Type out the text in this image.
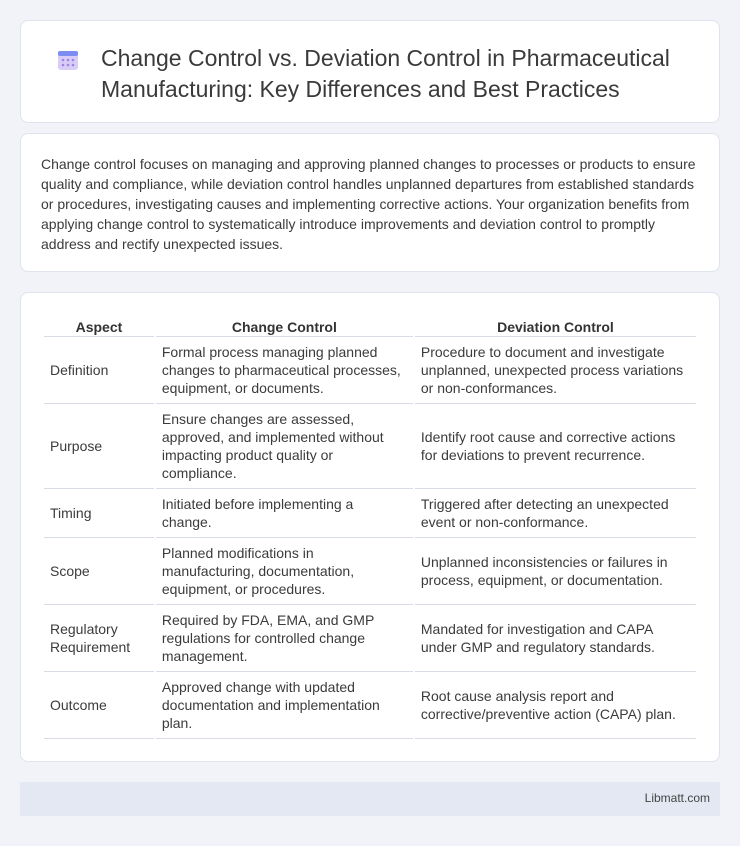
Change Control vs. Deviation Control in Pharmaceutical Manufacturing: Key Differences and Best Practices

Change control focuses on managing and approving planned changes to processes or products to ensure quality and compliance, while deviation control handles unplanned departures from established standards or procedures, investigating causes and implementing corrective actions. Your organization benefits from applying change control to systematically introduce improvements and deviation control to promptly address and rectify unexpected issues.

Aspect	Change Control	Deviation Control
Definition	Formal process managing planned changes to pharmaceutical processes, equipment, or documents.	Procedure to document and investigate unplanned, unexpected process variations or non-conformances.
Purpose	Ensure changes are assessed, approved, and implemented without impacting product quality or compliance.	Identify root cause and corrective actions for deviations to prevent recurrence.
Timing	Initiated before implementing a change.	Triggered after detecting an unexpected event or non-conformance.
Scope	Planned modifications in manufacturing, documentation, equipment, or procedures.	Unplanned inconsistencies or failures in process, equipment, or documentation.
Regulatory Requirement	Required by FDA, EMA, and GMP regulations for controlled change management.	Mandated for investigation and CAPA under GMP and regulatory standards.
Outcome	Approved change with updated documentation and implementation plan.	Root cause analysis report and corrective/preventive action (CAPA) plan.
Libmatt.com
